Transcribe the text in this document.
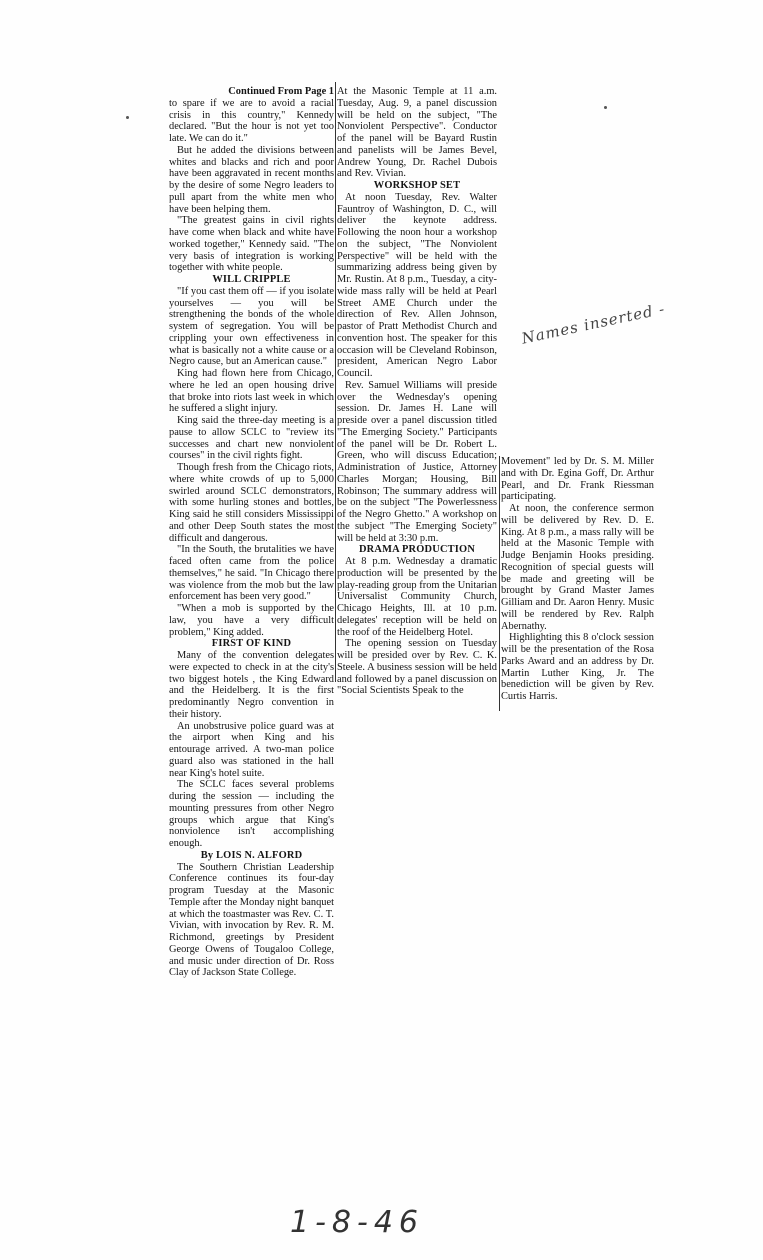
Continued From Page 1

to spare if we are to avoid a racial crisis in this country," Kennedy declared. "But the hour is not yet too late. We can do it."

But he added the divisions between whites and blacks and rich and poor have been aggravated in recent months by the desire of some Negro leaders to pull apart from the white men who have been helping them.

"The greatest gains in civil rights have come when black and white have worked together," Kennedy said. "The very basis of integration is working together with white people.

WILL CRIPPLE

"If you cast them off — if you isolate yourselves — you will be strengthening the bonds of the whole system of segregation. You will be crippling your own effectiveness in what is basically not a white cause or a Negro cause, but an American cause."

King had flown here from Chicago, where he led an open housing drive that broke into riots last week in which he suffered a slight injury.

King said the three-day meeting is a pause to allow SCLC to "review its successes and chart new nonviolent courses" in the civil rights fight.

Though fresh from the Chicago riots, where white crowds of up to 5,000 swirled around SCLC demonstrators, with some hurling stones and bottles, King said he still considers Mississippi and other Deep South states the most difficult and dangerous.

"In the South, the brutalities we have faced often came from the police themselves," he said. "In Chicago there was violence from the mob but the law enforcement has been very good."

"When a mob is supported by the law, you have a very difficult problem," King added.

FIRST OF KIND

Many of the convention delegates were expected to check in at the city's two biggest hotels , the King Edward and the Heidelberg. It is the first predominantly Negro convention in their history.

An unobstrusive police guard was at the airport when King and his entourage arrived. A two-man police guard also was stationed in the hall near King's hotel suite.

The SCLC faces several problems during the session — including the mounting pressures from other Negro groups which argue that King's nonviolence isn't accomplishing enough.

By LOIS N. ALFORD

The Southern Christian Leadership Conference continues its four-day program Tuesday at the Masonic Temple after the Monday night banquet at which the toastmaster was Rev. C. T. Vivian, with invocation by Rev. R. M. Richmond, greetings by President George Owens of Tougaloo College, and music under direction of Dr. Ross Clay of Jackson State College.

At the Masonic Temple at 11 a.m. Tuesday, Aug. 9, a panel discussion will be held on the subject, "The Nonviolent Perspective". Conductor of the panel will be Bayard Rustin and panelists will be James Bevel, Andrew Young, Dr. Rachel Dubois and Rev. Vivian.

WORKSHOP SET

At noon Tuesday, Rev. Walter Fauntroy of Washington, D. C., will deliver the keynote address. Following the noon hour a workshop on the subject, "The Nonviolent Perspective" will be held with the summarizing address being given by Mr. Rustin. At 8 p.m., Tuesday, a city-wide mass rally will be held at Pearl Street AME Church under the direction of Rev. Allen Johnson, pastor of Pratt Methodist Church and convention host. The speaker for this occasion will be Cleveland Robinson, president, American Negro Labor Council.

Rev. Samuel Williams will preside over the Wednesday's opening session. Dr. James H. Lane will preside over a panel discussion titled "The Emerging Society." Participants of the panel will be Dr. Robert L. Green, who will discuss Education; Administration of Justice, Attorney Charles Morgan; Housing, Bill Robinson; The summary address will be on the subject "The Powerlessness of the Negro Ghetto." A workshop on the subject "The Emerging Society" will be held at 3:30 p.m.

DRAMA PRODUCTION

At 8 p.m. Wednesday a dramatic production will be presented by the play-reading group from the Unitarian Universalist Community Church, Chicago Heights, Ill. at 10 p.m. delegates' reception will be held on the roof of the Heidelberg Hotel.

The opening session on Tuesday will be presided over by Rev. C. K. Steele. A business session will be held and followed by a panel discussion on "Social Scientists Speak to the

Movement" led by Dr. S. M. Miller and with Dr. Egina Goff, Dr. Arthur Pearl, and Dr. Frank Riessman participating.

At noon, the conference sermon will be delivered by Rev. D. E. King. At 8 p.m., a mass rally will be held at the Masonic Temple with Judge Benjamin Hooks presiding. Recognition of special guests will be made and greeting will be brought by Grand Master James Gilliam and Dr. Aaron Henry. Music will be rendered by Rev. Ralph Abernathy.

Highlighting this 8 o'clock session will be the presentation of the Rosa Parks Award and an address by Dr. Martin Luther King, Jr. The benediction will be given by Rev. Curtis Harris.

Names inserted -
1-8-46
